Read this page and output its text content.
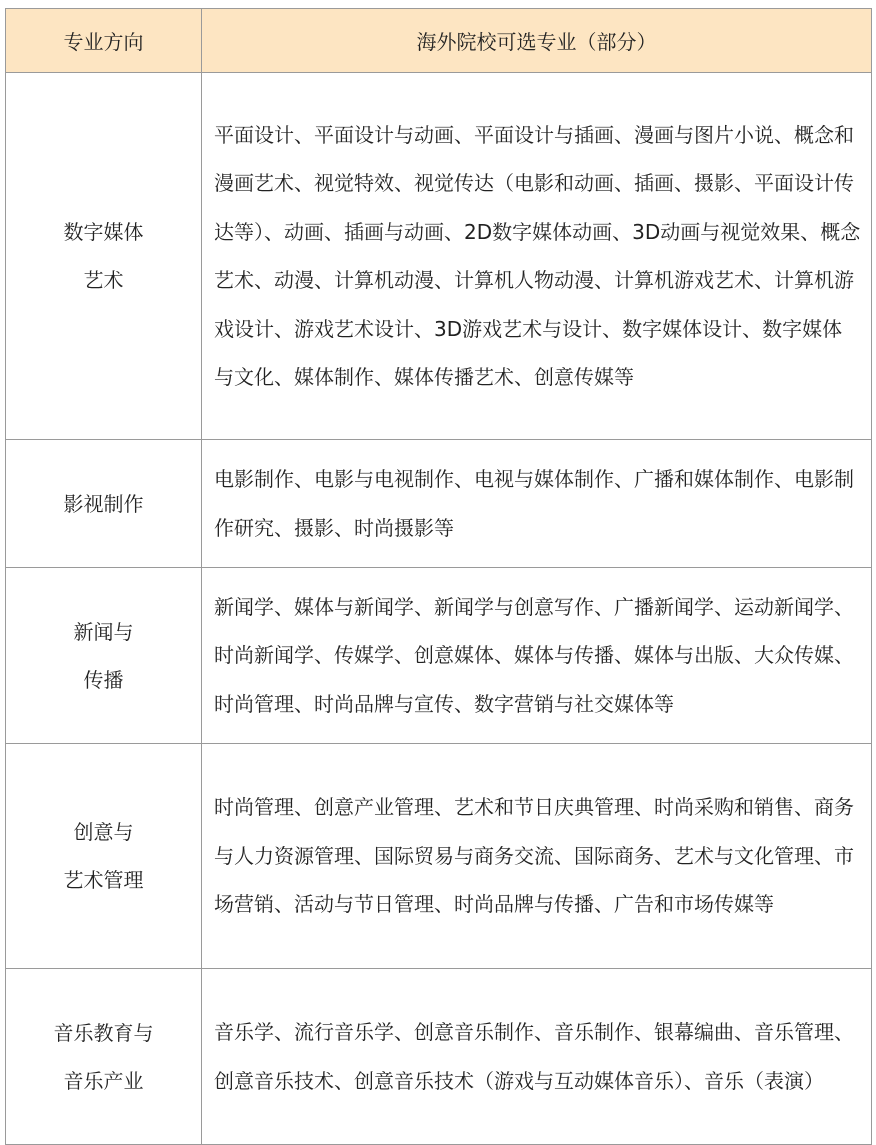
专业方向	海外院校可选专业（部分）

数字媒体
艺术	平面设计、平面设计与动画、平面设计与插画、漫画与图片小说、概念和漫画艺术、视觉特效、视觉传达（电影和动画、插画、摄影、平面设计传达等）、动画、插画与动画、2D数字媒体动画、3D动画与视觉效果、概念艺术、动漫、计算机动漫、计算机人物动漫、计算机游戏艺术、计算机游戏设计、游戏艺术设计、3D游戏艺术与设计、数字媒体设计、数字媒体与文化、媒体制作、媒体传播艺术、创意传媒等

影视制作	电影制作、电影与电视制作、电视与媒体制作、广播和媒体制作、电影制作研究、摄影、时尚摄影等

新闻与
传播	新闻学、媒体与新闻学、新闻学与创意写作、广播新闻学、运动新闻学、时尚新闻学、传媒学、创意媒体、媒体与传播、媒体与出版、大众传媒、时尚管理、时尚品牌与宣传、数字营销与社交媒体等

创意与
艺术管理	时尚管理、创意产业管理、艺术和节日庆典管理、时尚采购和销售、商务与人力资源管理、国际贸易与商务交流、国际商务、艺术与文化管理、市场营销、活动与节日管理、时尚品牌与传播、广告和市场传媒等

音乐教育与
音乐产业	音乐学、流行音乐学、创意音乐制作、音乐制作、银幕编曲、音乐管理、创意音乐技术、创意音乐技术（游戏与互动媒体音乐）、音乐（表演）
